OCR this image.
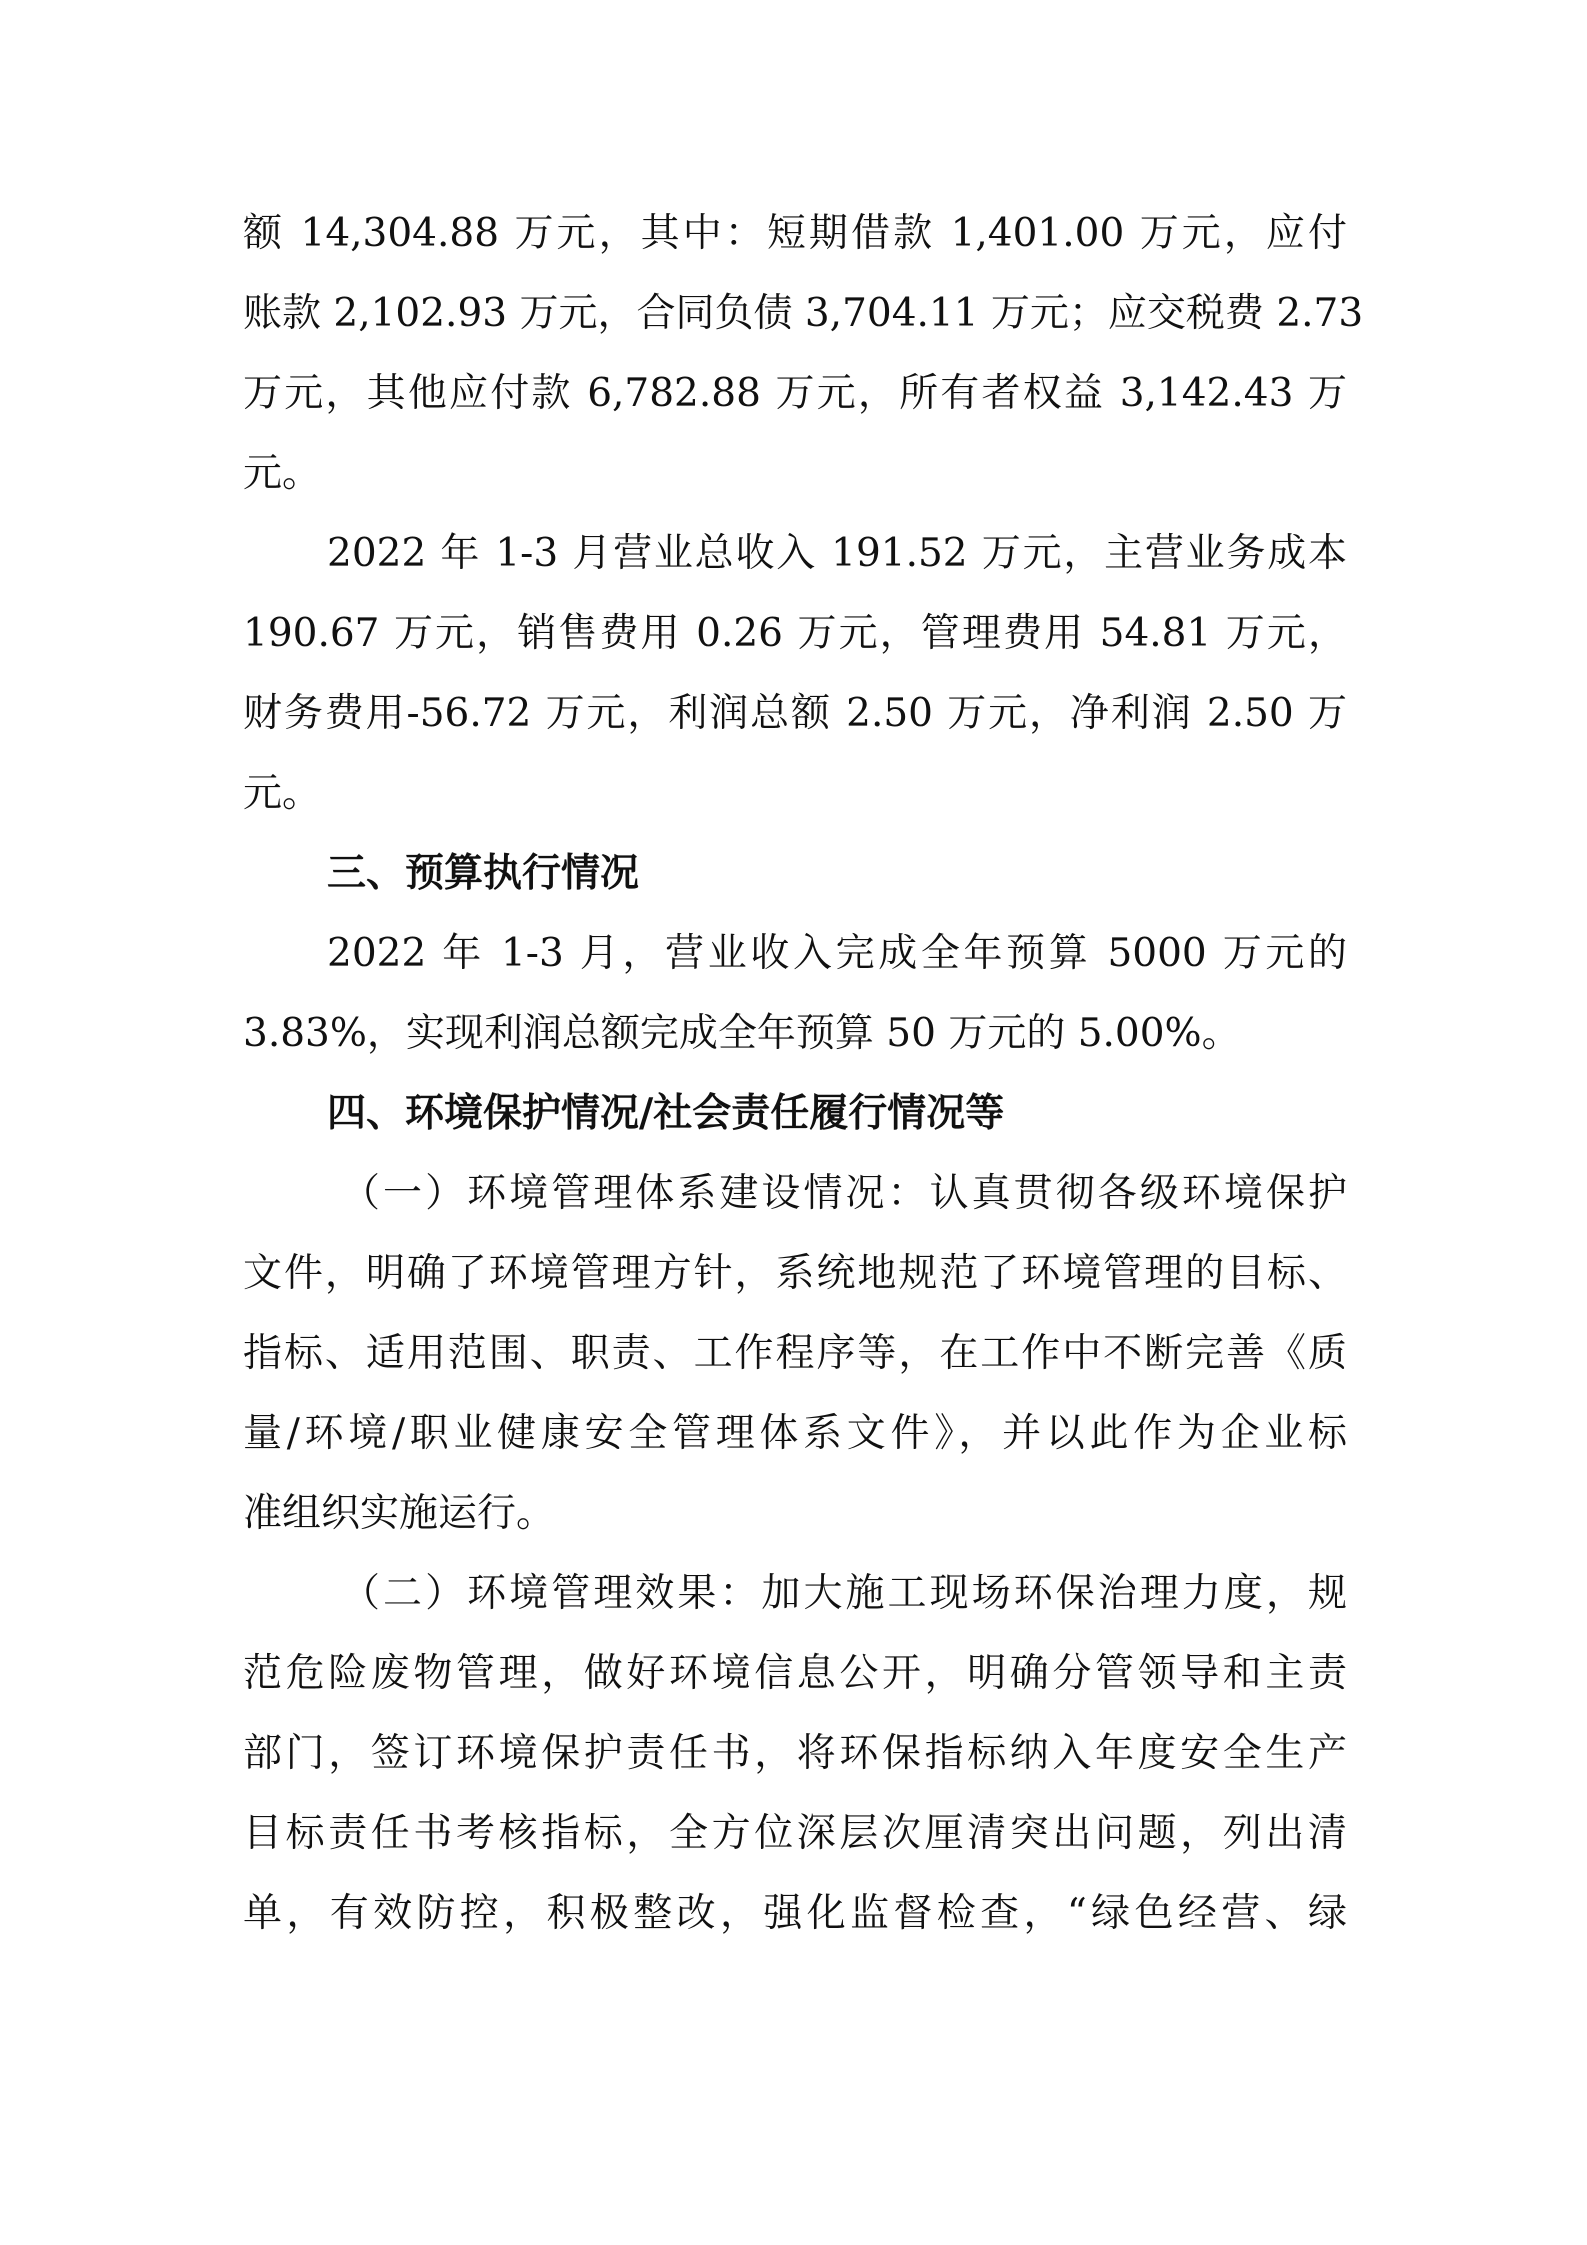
额 14,304.88 万元，其中：短期借款 1,401.00 万元，应付
账款 2,102.93 万元，合同负债 3,704.11 万元；应交税费 2.73
万元，其他应付款 6,782.88 万元，所有者权益 3,142.43 万
元。
2022 年 1-3 月营业总收入 191.52 万元，主营业务成本
190.67 万元，销售费用 0.26 万元，管理费用 54.81 万元，
财务费用-56.72 万元，利润总额 2.50 万元，净利润 2.50 万
元。
三、预算执行情况
2022 年 1-3 月，营业收入完成全年预算 5000 万元的
3.83%，实现利润总额完成全年预算 50 万元的 5.00%。
四、环境保护情况/社会责任履行情况等
（一）环境管理体系建设情况：认真贯彻各级环境保护
文件，明确了环境管理方针，系统地规范了环境管理的目标、
指标、适用范围、职责、工作程序等，在工作中不断完善《质
量/环境/职业健康安全管理体系文件》，并以此作为企业标
准组织实施运行。
（二）环境管理效果：加大施工现场环保治理力度，规
范危险废物管理，做好环境信息公开，明确分管领导和主责
部门，签订环境保护责任书，将环保指标纳入年度安全生产
目标责任书考核指标，全方位深层次厘清突出问题，列出清
单，有效防控，积极整改，强化监督检查，“绿色经营、绿
